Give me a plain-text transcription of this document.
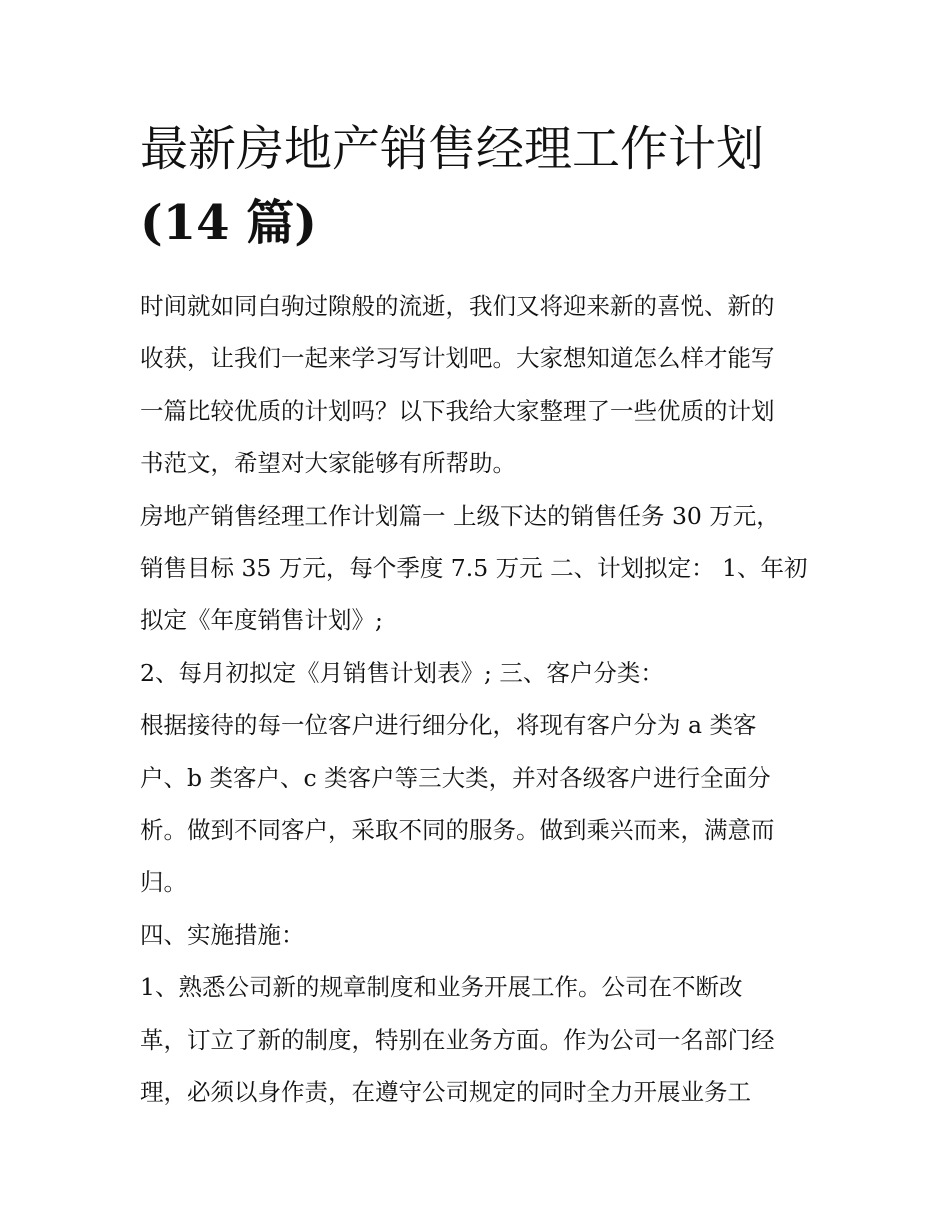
最新房地产销售经理工作计划
(14 篇)

时间就如同白驹过隙般的流逝，我们又将迎来新的喜悦、新的
收获，让我们一起来学习写计划吧。大家想知道怎么样才能写
一篇比较优质的计划吗？以下我给大家整理了一些优质的计划
书范文，希望对大家能够有所帮助。

房地产销售经理工作计划篇一 上级下达的销售任务 30 万元，
销售目标 35 万元，每个季度 7.5 万元 二、计划拟定： 1、年初
拟定《年度销售计划》;

2、每月初拟定《月销售计划表》; 三、客户分类：

根据接待的每一位客户进行细分化，将现有客户分为 a 类客
户、b 类客户、c 类客户等三大类，并对各级客户进行全面分
析。做到不同客户，采取不同的服务。做到乘兴而来，满意而
归。

四、实施措施：

1、熟悉公司新的规章制度和业务开展工作。公司在不断改
革，订立了新的制度，特别在业务方面。作为公司一名部门经
理，必须以身作责，在遵守公司规定的同时全力开展业务工
